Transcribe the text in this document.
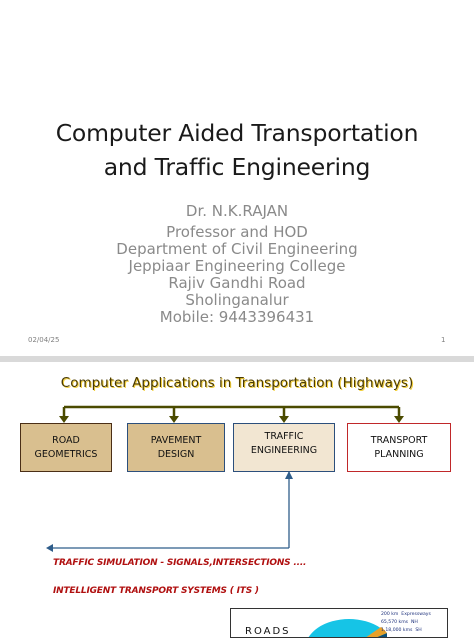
Computer Aided Transportation
and Traffic Engineering
Dr. N.K.RAJAN
Professor and HOD
Department of Civil Engineering
Jeppiaar Engineering College
Rajiv Gandhi Road
Sholinganalur
Mobile: 9443396431
02/04/25	1
Computer Applications in Transportation (Highways)
ROAD
GEOMETRICS
PAVEMENT
DESIGN
TRAFFIC
ENGINEERING
TRANSPORT
PLANNING
TRAFFIC SIMULATION - SIGNALS,INTERSECTIONS ....
INTELLIGENT TRANSPORT SYSTEMS ( ITS )
ROADS
200 km Expressways
65,570 kms NH
1,18,000 kms SH
